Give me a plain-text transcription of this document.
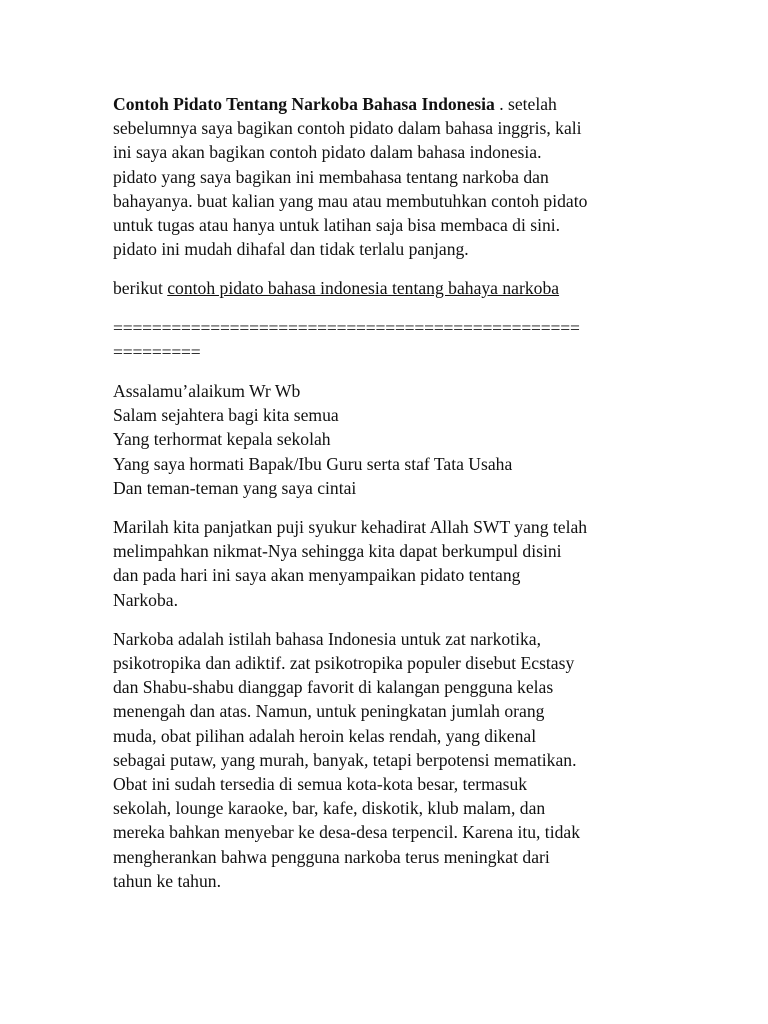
Contoh Pidato Tentang Narkoba Bahasa Indonesia . setelah
sebelumnya saya bagikan contoh pidato dalam bahasa inggris, kali
ini saya akan bagikan contoh pidato dalam bahasa indonesia.
pidato yang saya bagikan ini membahasa tentang narkoba dan
bahayanya. buat kalian yang mau atau membutuhkan contoh pidato
untuk tugas atau hanya untuk latihan saja bisa membaca di sini.
pidato ini mudah dihafal dan tidak terlalu panjang.

berikut contoh pidato bahasa indonesia tentang bahaya narkoba

================================================
=========

Assalamu’alaikum Wr Wb
Salam sejahtera bagi kita semua
Yang terhormat kepala sekolah
Yang saya hormati Bapak/Ibu Guru serta staf Tata Usaha
Dan teman-teman yang saya cintai

Marilah kita panjatkan puji syukur kehadirat Allah SWT yang telah
melimpahkan nikmat-Nya sehingga kita dapat berkumpul disini
dan pada hari ini saya akan menyampaikan pidato tentang
Narkoba.

Narkoba adalah istilah bahasa Indonesia untuk zat narkotika,
psikotropika dan adiktif. zat psikotropika populer disebut Ecstasy
dan Shabu-shabu dianggap favorit di kalangan pengguna kelas
menengah dan atas. Namun, untuk peningkatan jumlah orang
muda, obat pilihan adalah heroin kelas rendah, yang dikenal
sebagai putaw, yang murah, banyak, tetapi berpotensi mematikan.
Obat ini sudah tersedia di semua kota-kota besar, termasuk
sekolah, lounge karaoke, bar, kafe, diskotik, klub malam, dan
mereka bahkan menyebar ke desa-desa terpencil. Karena itu, tidak
mengherankan bahwa pengguna narkoba terus meningkat dari
tahun ke tahun.
